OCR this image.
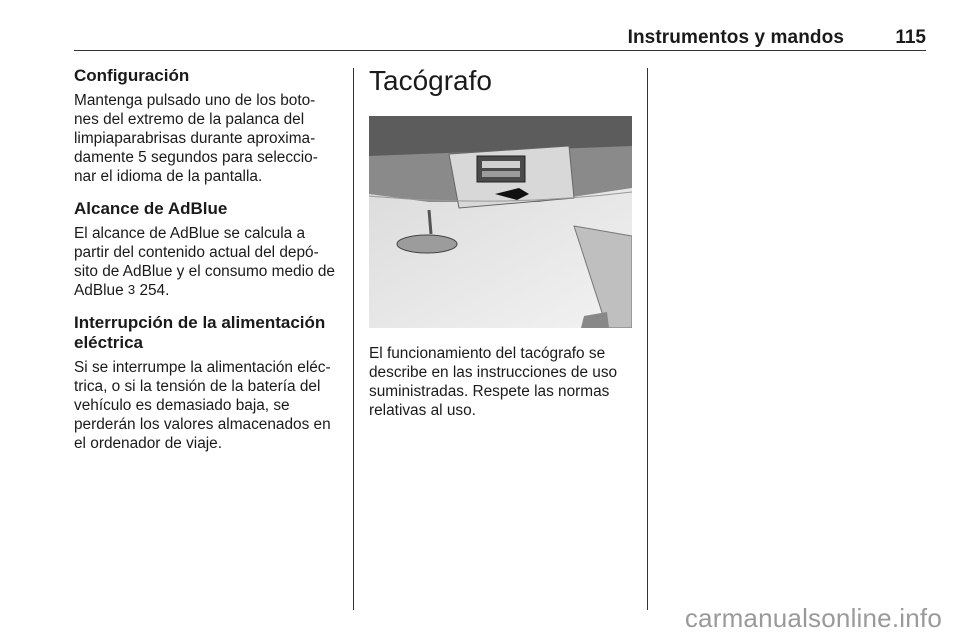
Instrumentos y mandos	115
Configuración

Mantenga pulsado uno de los boto- nes del extremo de la palanca del limpiaparabrisas durante aproxima- damente 5 segundos para seleccio- nar el idioma de la pantalla.

Alcance de AdBlue

El alcance de AdBlue se calcula a partir del contenido actual del depó- sito de AdBlue y el consumo medio de AdBlue 3 254.

Interrupción de la alimentación eléctrica

Si se interrumpe la alimentación eléc- trica, o si la tensión de la batería del vehículo es demasiado baja, se perderán los valores almacenados en el ordenador de viaje.

Tacógrafo

El funcionamiento del tacógrafo se describe en las instrucciones de uso suministradas. Respete las normas relativas al uso.

carmanualsonline.info
